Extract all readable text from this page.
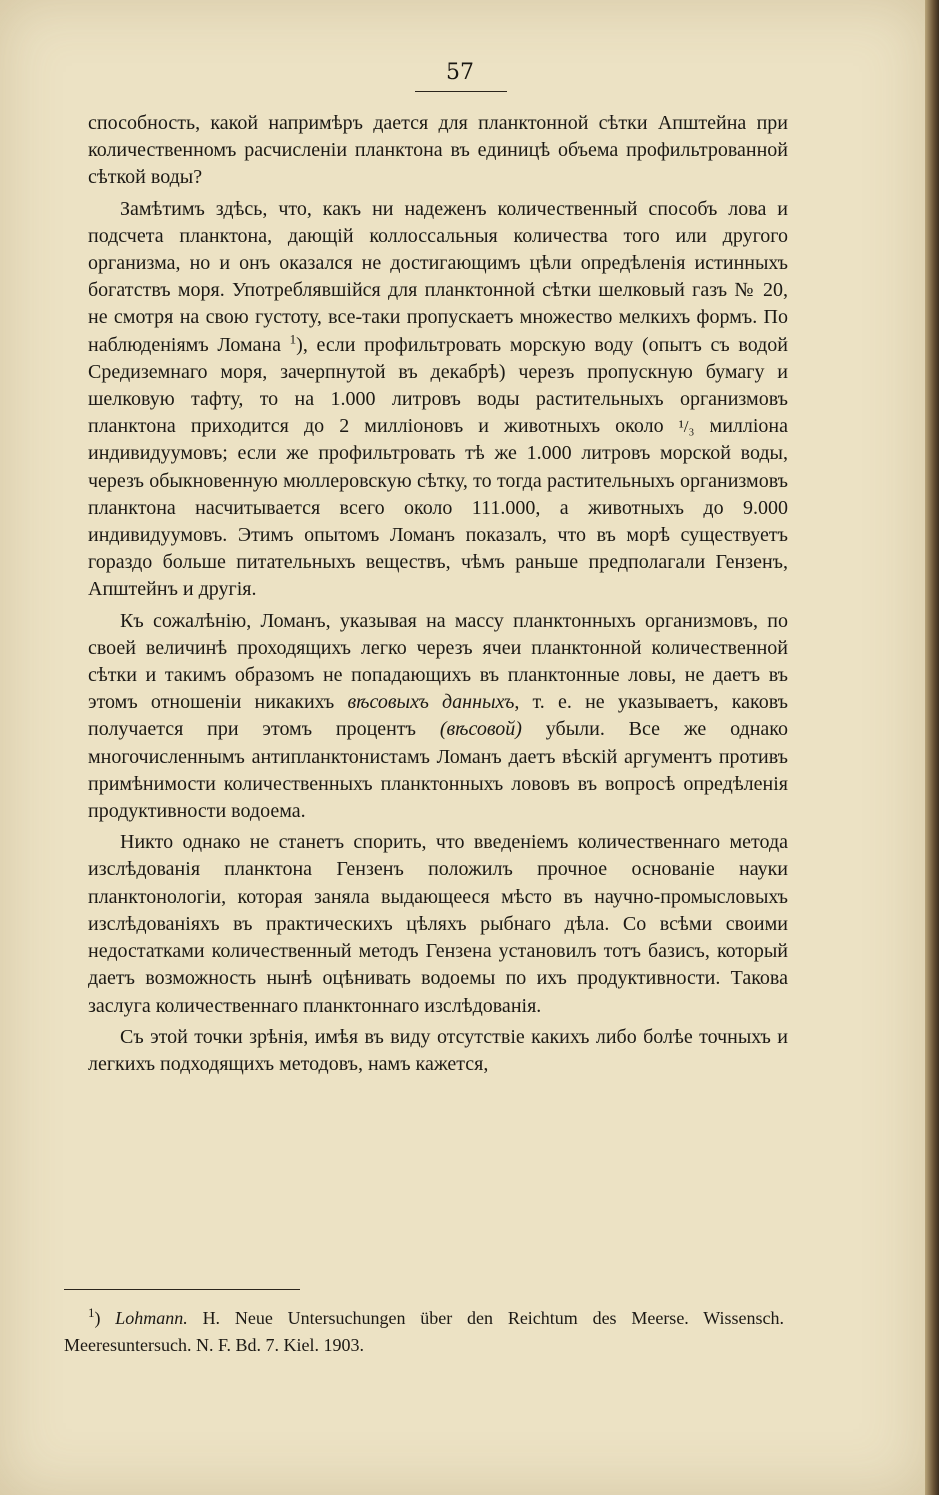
57

способность, какой напримѣръ дается для планктонной сѣтки Апштейна при количественномъ расчисленіи планктона въ единицѣ объема профильтрованной сѣткой воды?

Замѣтимъ здѣсь, что, какъ ни надеженъ количественный способъ лова и подсчета планктона, дающій коллоссальныя количества того или другого организма, но и онъ оказался не достигающимъ цѣли опредѣленія истинныхъ богатствъ моря. Употреблявшійся для планктонной сѣтки шелковый газъ № 20, не смотря на свою густоту, все-таки пропускаетъ множество мелкихъ формъ. По наблюденіямъ Ломана $^1$), если профильтровать морскую воду (опытъ съ водой Средиземнаго моря, зачерпнутой въ декабрѣ) черезъ пропускную бумагу и шелковую тафту, то на 1.000 литровъ воды растительныхъ организмовъ планктона приходится до 2 милліоновъ и животныхъ около ¹/₃ милліона индивидуумовъ; если же профильтровать тѣ же 1.000 литровъ морской воды, черезъ обыкновенную мюллеровскую сѣтку, то тогда растительныхъ организмовъ планктона насчитывается всего около 111.000, а животныхъ до 9.000 индивидуумовъ. Этимъ опытомъ Ломанъ показалъ, что въ морѣ существуетъ гораздо больше питательныхъ веществъ, чѣмъ раньше предполагали Гензенъ, Апштейнъ и другія.

Къ сожалѣнію, Ломанъ, указывая на массу планктонныхъ организмовъ, по своей величинѣ проходящихъ легко черезъ ячеи планктонной количественной сѣтки и такимъ образомъ не попадающихъ въ планктонные ловы, не даетъ въ этомъ отношеніи никакихъ вѣсовыхъ данныхъ, т. е. не указываетъ, каковъ получается при этомъ процентъ (вѣсовой) убыли. Все же однако многочисленнымъ антипланктонистамъ Ломанъ даетъ вѣскій аргументъ противъ примѣнимости количественныхъ планктонныхъ лововъ въ вопросѣ опредѣленія продуктивности водоема.

Никто однако не станетъ спорить, что введеніемъ количественнаго метода изслѣдованія планктона Гензенъ положилъ прочное основаніе науки планктонологіи, которая заняла выдающееся мѣсто въ научно-промысловыхъ изслѣдованіяхъ въ практическихъ цѣляхъ рыбнаго дѣла. Со всѣми своими недостатками количественный методъ Гензена установилъ тотъ базисъ, который даетъ возможность нынѣ оцѣнивать водоемы по ихъ продуктивности. Такова заслуга количественнаго планктоннаго изслѣдованія.

Съ этой точки зрѣнія, имѣя въ виду отсутствіе какихъ либо болѣе точныхъ и легкихъ подходящихъ методовъ, намъ кажется,

$^1$) Lohmann. H. Neue Untersuchungen über den Reichtum des Meerse. Wissensch. Meeresuntersuch. N. F. Bd. 7. Kiel. 1903.
